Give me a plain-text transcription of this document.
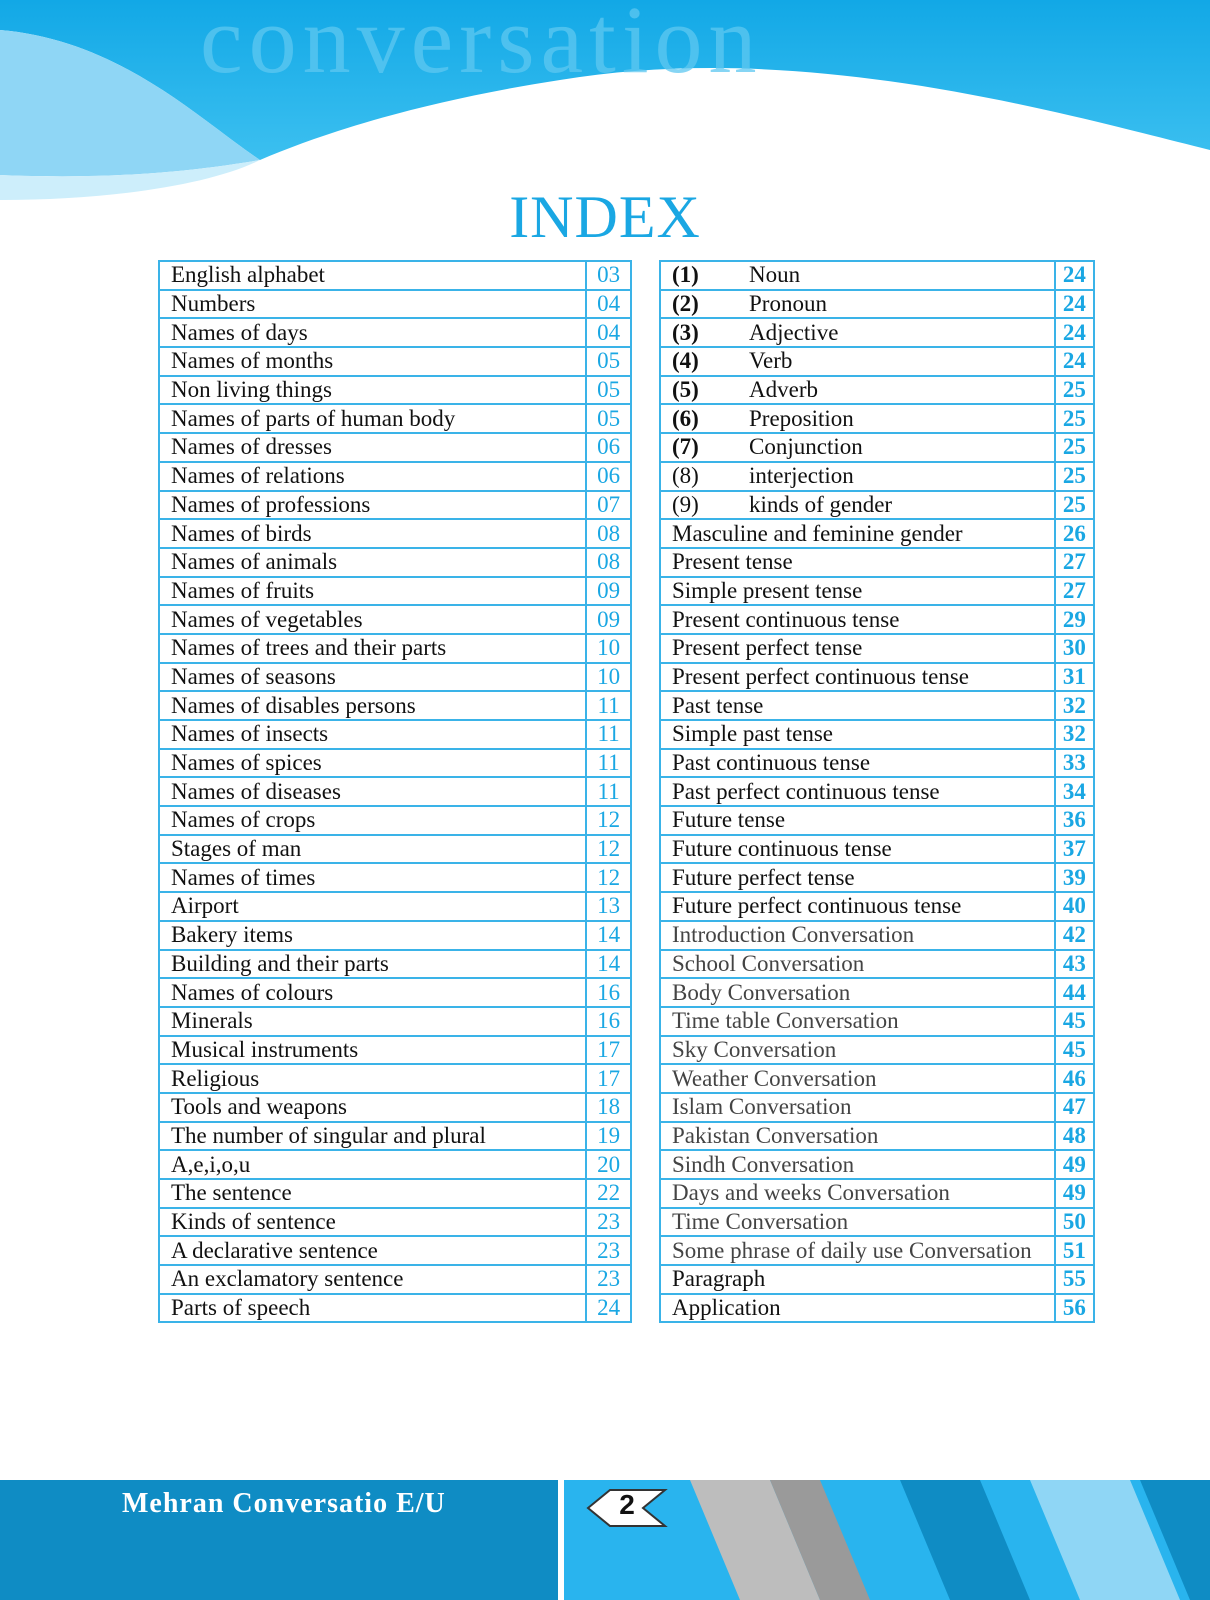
conversation
INDEX
English alphabet	03
Numbers	04
Names of days	04
Names of months	05
Non living things	05
Names of parts of human body	05
Names of dresses	06
Names of relations	06
Names of professions	07
Names of birds	08
Names of animals	08
Names of fruits	09
Names of vegetables	09
Names of trees and their parts	10
Names of seasons	10
Names of disables persons	11
Names of insects	11
Names of spices	11
Names of diseases	11
Names of crops	12
Stages of man	12
Names of times	12
Airport	13
Bakery items	14
Building and their parts	14
Names of colours	16
Minerals	16
Musical instruments	17
Religious	17
Tools and weapons	18
The number of singular and plural	19
A,e,i,o,u	20
The sentence	22
Kinds of sentence	23
A declarative sentence	23
An exclamatory sentence	23
Parts of speech	24
(1) Noun	24
(2) Pronoun	24
(3) Adjective	24
(4) Verb	24
(5) Adverb	25
(6) Preposition	25
(7) Conjunction	25
(8) interjection	25
(9) kinds of gender	25
Masculine and feminine gender	26
Present tense	27
Simple present tense	27
Present continuous tense	29
Present perfect tense	30
Present perfect continuous tense	31
Past tense	32
Simple past tense	32
Past continuous tense	33
Past perfect continuous tense	34
Future tense	36
Future continuous tense	37
Future perfect tense	39
Future perfect continuous tense	40
Introduction Conversation	42
School Conversation	43
Body Conversation	44
Time table Conversation	45
Sky Conversation	45
Weather Conversation	46
Islam Conversation	47
Pakistan Conversation	48
Sindh Conversation	49
Days and weeks Conversation	49
Time Conversation	50
Some phrase of daily use Conversation	51
Paragraph	55
Application	56
Mehran Conversatio E/U	2
